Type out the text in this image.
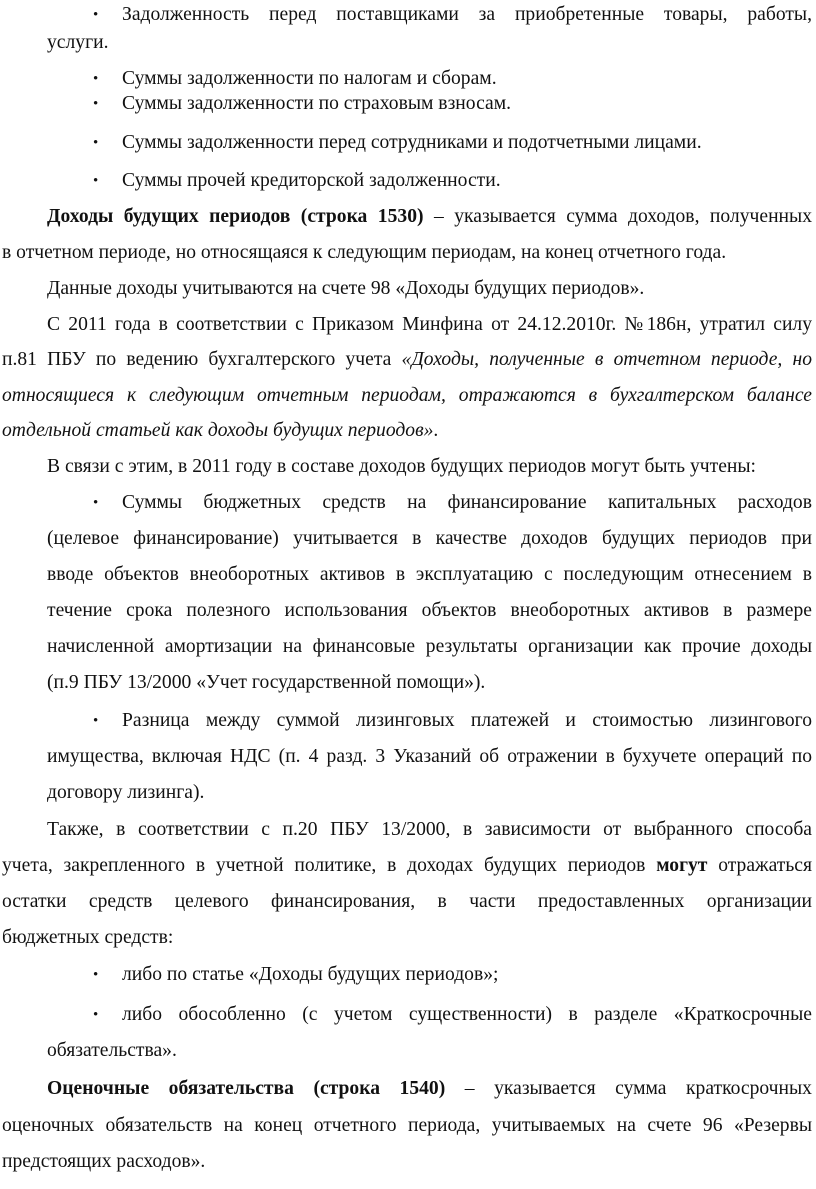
• Задолженность перед поставщиками за приобретенные товары, работы,
услуги.
• Суммы задолженности по налогам и сборам.
• Суммы задолженности по страховым взносам.
• Суммы задолженности перед сотрудниками и подотчетными лицами.
• Суммы прочей кредиторской задолженности.
Доходы будущих периодов (строка 1530) – указывается сумма доходов, полученных
в отчетном периоде, но относящаяся к следующим периодам, на конец отчетного года.
Данные доходы учитываются на счете 98 «Доходы будущих периодов».
С 2011 года в соответствии с Приказом Минфина от 24.12.2010г. №186н, утратил силу
п.81 ПБУ по ведению бухгалтерского учета «Доходы, полученные в отчетном периоде, но
относящиеся к следующим отчетным периодам, отражаются в бухгалтерском балансе
отдельной статьей как доходы будущих периодов».
В связи с этим, в 2011 году в составе доходов будущих периодов могут быть учтены:
• Суммы бюджетных средств на финансирование капитальных расходов
(целевое финансирование) учитывается в качестве доходов будущих периодов при
вводе объектов внеоборотных активов в эксплуатацию с последующим отнесением в
течение срока полезного использования объектов внеоборотных активов в размере
начисленной амортизации на финансовые результаты организации как прочие доходы
(п.9 ПБУ 13/2000 «Учет государственной помощи»).
• Разница между суммой лизинговых платежей и стоимостью лизингового
имущества, включая НДС (п. 4 разд. 3 Указаний об отражении в бухучете операций по
договору лизинга).
Также, в соответствии с п.20 ПБУ 13/2000, в зависимости от выбранного способа
учета, закрепленного в учетной политике, в доходах будущих периодов могут отражаться
остатки средств целевого финансирования, в части предоставленных организации
бюджетных средств:
• либо по статье «Доходы будущих периодов»;
• либо обособленно (с учетом существенности) в разделе «Краткосрочные
обязательства».
Оценочные обязательства (строка 1540) – указывается сумма краткосрочных
оценочных обязательств на конец отчетного периода, учитываемых на счете 96 «Резервы
предстоящих расходов».
